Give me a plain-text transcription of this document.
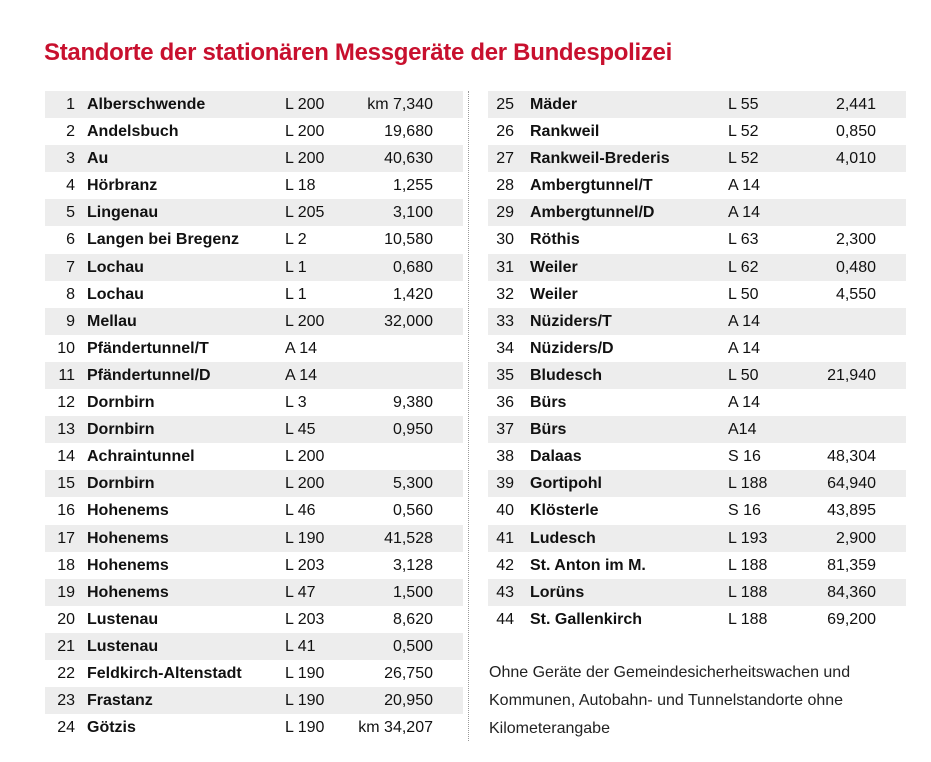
Standorte der stationären Messgeräte der Bundespolizei
1 Alberschwende	L 200	km 7,340
2 Andelsbuch	L 200	19,680
3 Au	L 200	40,630
4 Hörbranz	L 18	1,255
5 Lingenau	L 205	3,100
6 Langen bei Bregenz	L 2	10,580
7 Lochau	L 1	0,680
8 Lochau	L 1	1,420
9 Mellau	L 200	32,000
10 Pfändertunnel/T	A 14
11 Pfändertunnel/D	A 14
12 Dornbirn	L 3	9,380
13 Dornbirn	L 45	0,950
14 Achraintunnel	L 200
15 Dornbirn	L 200	5,300
16 Hohenems	L 46	0,560
17 Hohenems	L 190	41,528
18 Hohenems	L 203	3,128
19 Hohenems	L 47	1,500
20 Lustenau	L 203	8,620
21 Lustenau	L 41	0,500
22 Feldkirch-Altenstadt	L 190	26,750
23 Frastanz	L 190	20,950
24 Götzis	L 190 km 34,207
25 Mäder	L 55	2,441
26 Rankweil	L 52	0,850
27 Rankweil-Brederis	L 52	4,010
28 Ambergtunnel/T	A 14
29 Ambergtunnel/D	A 14
30 Röthis	L 63	2,300
31 Weiler	L 62	0,480
32 Weiler	L 50	4,550
33 Nüziders/T	A 14
34 Nüziders/D	A 14
35 Bludesch	L 50	21,940
36 Bürs	A 14
37 Bürs	A14
38 Dalaas	S 16	48,304
39 Gortipohl	L 188	64,940
40 Klösterle	S 16	43,895
41 Ludesch	L 193	2,900
42 St. Anton im M.	L 188	81,359
43 Lorüns	L 188	84,360
44 St. Gallenkirch	L 188	69,200
Ohne Geräte der Gemeindesicherheitswachen und Kommunen, Autobahn- und Tunnelstandorte ohne Kilometerangabe
